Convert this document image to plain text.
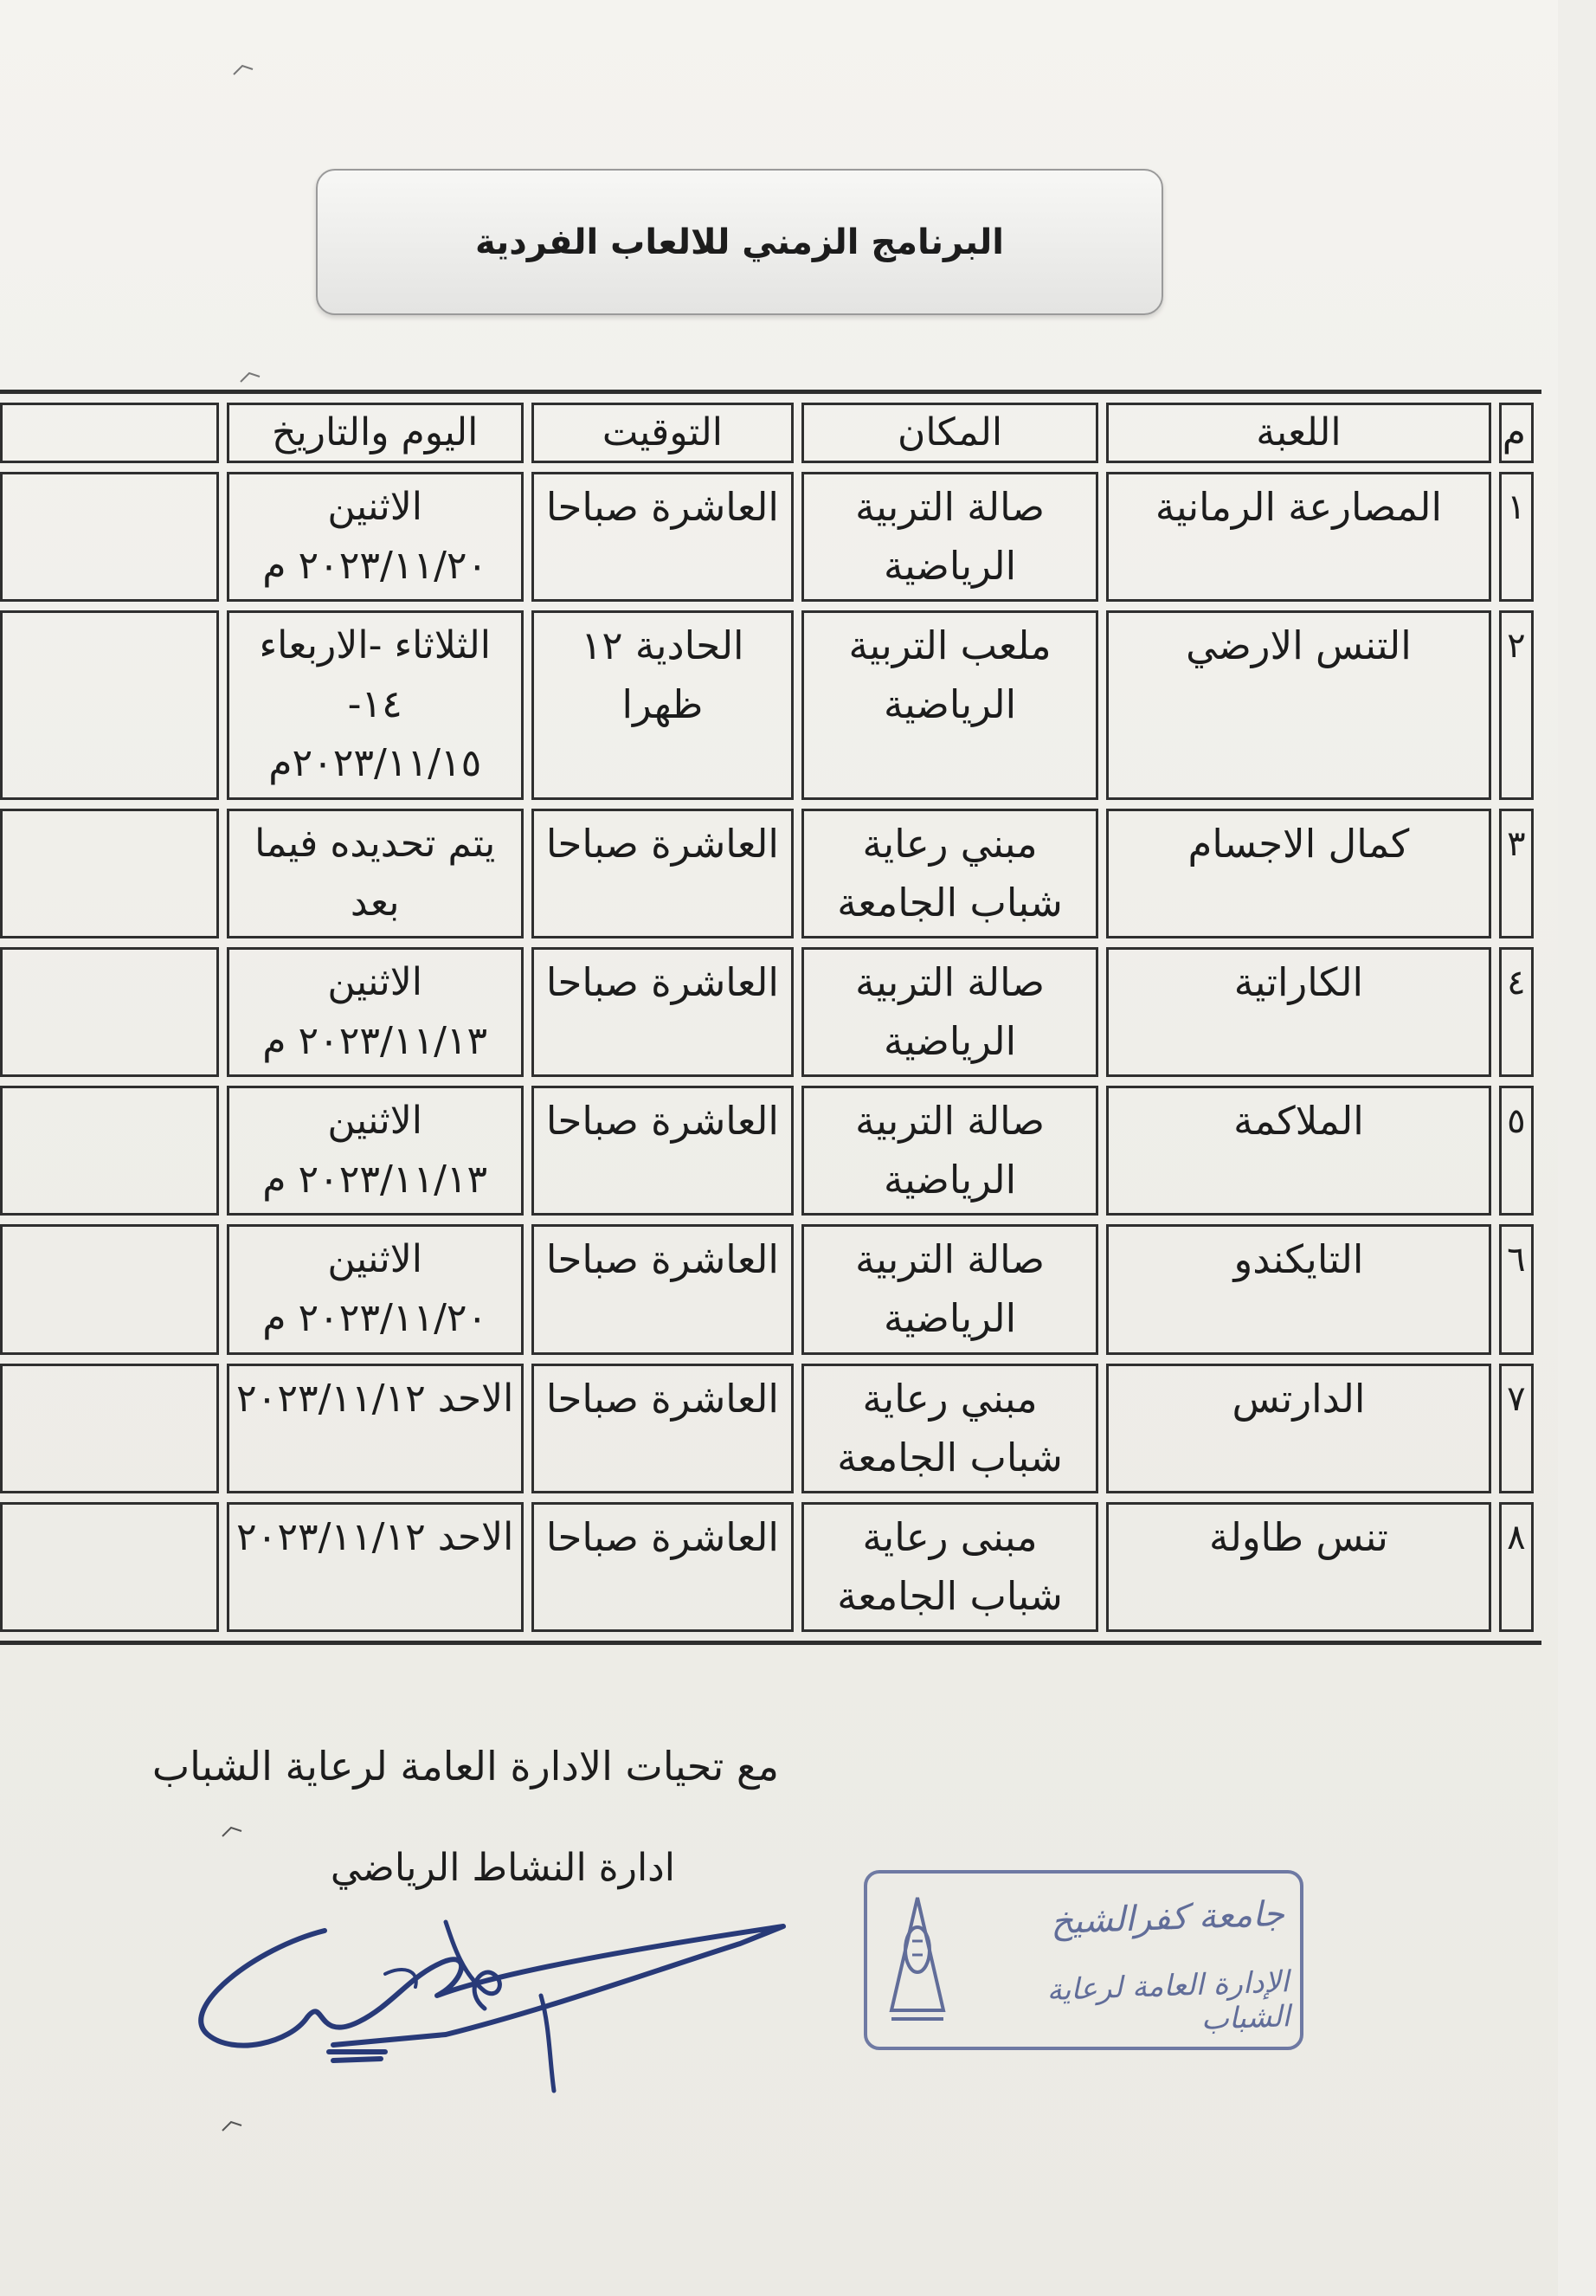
البرنامج الزمني للالعاب الفردية
م	اللعبة	المكان	التوقيت	اليوم والتاريخ	
١	المصارعة الرمانية	صالة التربية الرياضية	العاشرة صباحا	الاثنين ٢٠٢٣/١١/٢٠ م	
٢	التنس الارضي	ملعب التربية الرياضية	الحادية ١٢ ظهرا	الثلاثاء -الاربعاء ١٤- ٢٠٢٣/١١/١٥م	
٣	كمال الاجسام	مبني رعاية شباب الجامعة	العاشرة صباحا	يتم تحديده فيما بعد	
٤	الكاراتية	صالة التربية الرياضية	العاشرة صباحا	الاثنين ٢٠٢٣/١١/١٣ م	
٥	الملاكمة	صالة التربية الرياضية	العاشرة صباحا	الاثنين ٢٠٢٣/١١/١٣ م	
٦	التايكندو	صالة التربية الرياضية	العاشرة صباحا	الاثنين ٢٠٢٣/١١/٢٠ م	
٧	الدارتس	مبني رعاية شباب الجامعة	العاشرة صباحا	الاحد ٢٠٢٣/١١/١٢	
٨	تنس طاولة	مبنى رعاية شباب الجامعة	العاشرة صباحا	الاحد ٢٠٢٣/١١/١٢	
مع تحيات الادارة العامة لرعاية الشباب
ادارة النشاط الرياضي
جامعة كفرالشيخ
الإدارة العامة لرعاية الشباب
